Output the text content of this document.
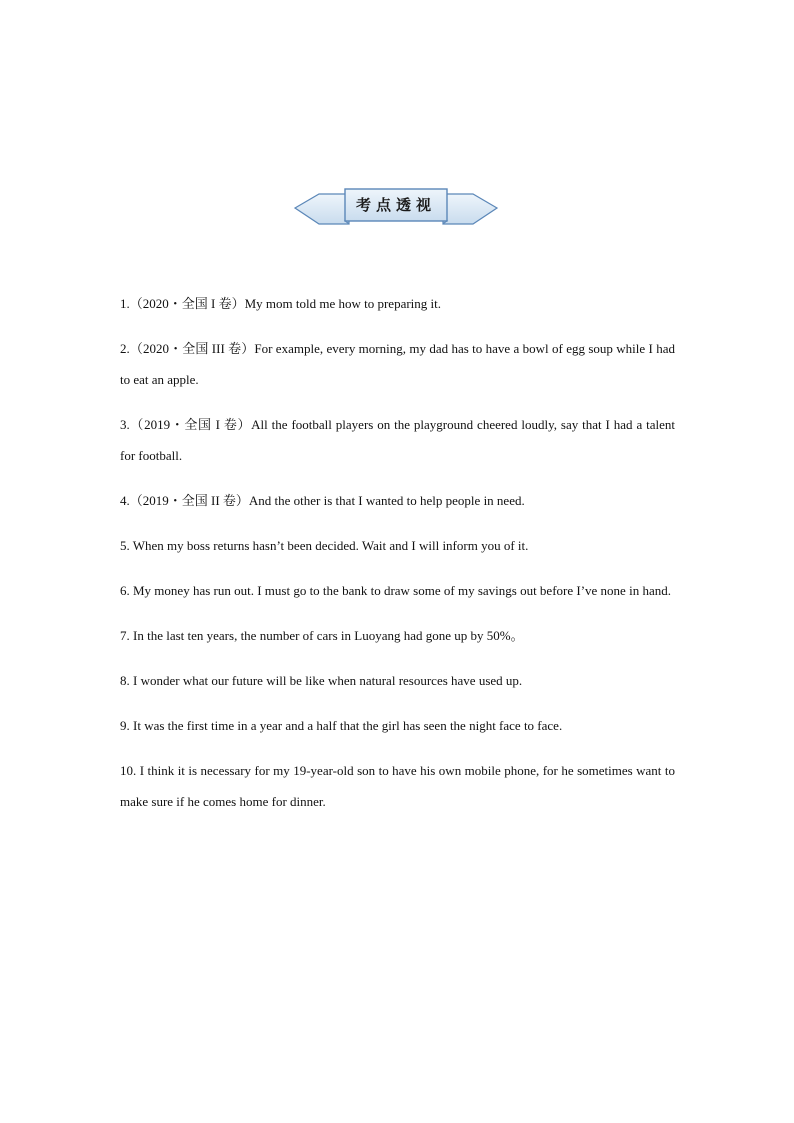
考点透视
1.（2020・全国 I 卷）My mom told me how to preparing it.
2.（2020・全国 III 卷）For example, every morning, my dad has to have a bowl of egg soup while I had to eat an apple.
3.（2019・全国 I 卷）All the football players on the playground cheered loudly, say that I had a talent for football.
4.（2019・全国 II 卷）And the other is that I wanted to help people in need.
5. When my boss returns hasn’t been decided. Wait and I will inform you of it.
6. My money has run out. I must go to the bank to draw some of my savings out before I’ve none in hand.
7. In the last ten years, the number of cars in Luoyang had gone up by 50%。
8. I wonder what our future will be like when natural resources have used up.
9. It was the first time in a year and a half that the girl has seen the night face to face.
10. I think it is necessary for my 19-year-old son to have his own mobile phone, for he sometimes want to make sure if he comes home for dinner.
